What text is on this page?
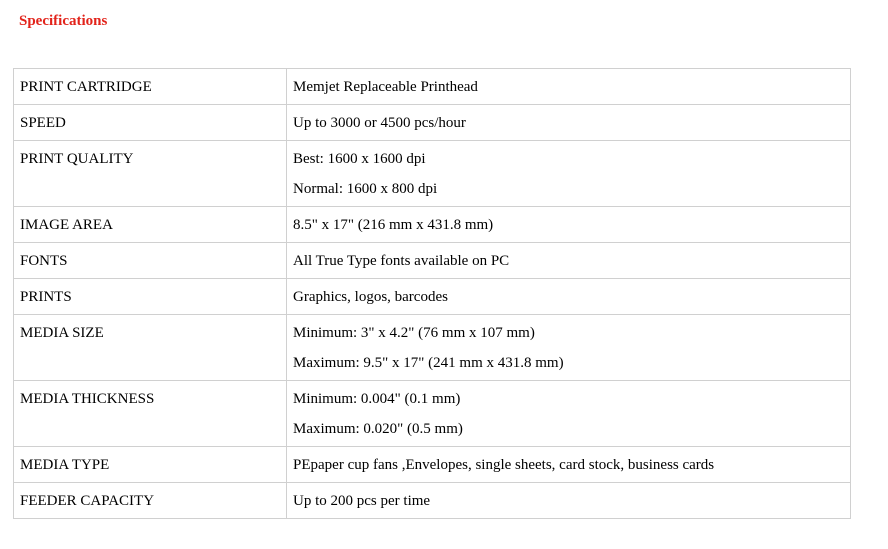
Specifications
PRINT CARTRIDGE	Memjet Replaceable Printhead

SPEED	Up to 3000 or 4500 pcs/hour

PRINT QUALITY	Best: 1600 x 1600 dpi
Normal: 1600 x 800 dpi

IMAGE AREA	8.5" x 17" (216 mm x 431.8 mm)

FONTS	All True Type fonts available on PC

PRINTS	Graphics, logos, barcodes

MEDIA SIZE	Minimum: 3" x 4.2" (76 mm x 107 mm)
Maximum: 9.5" x 17" (241 mm x 431.8 mm)

MEDIA THICKNESS	Minimum: 0.004" (0.1 mm)
Maximum: 0.020" (0.5 mm)

MEDIA TYPE	PEpaper cup fans ,Envelopes, single sheets, card stock, business cards

FEEDER CAPACITY	Up to 200 pcs per time
